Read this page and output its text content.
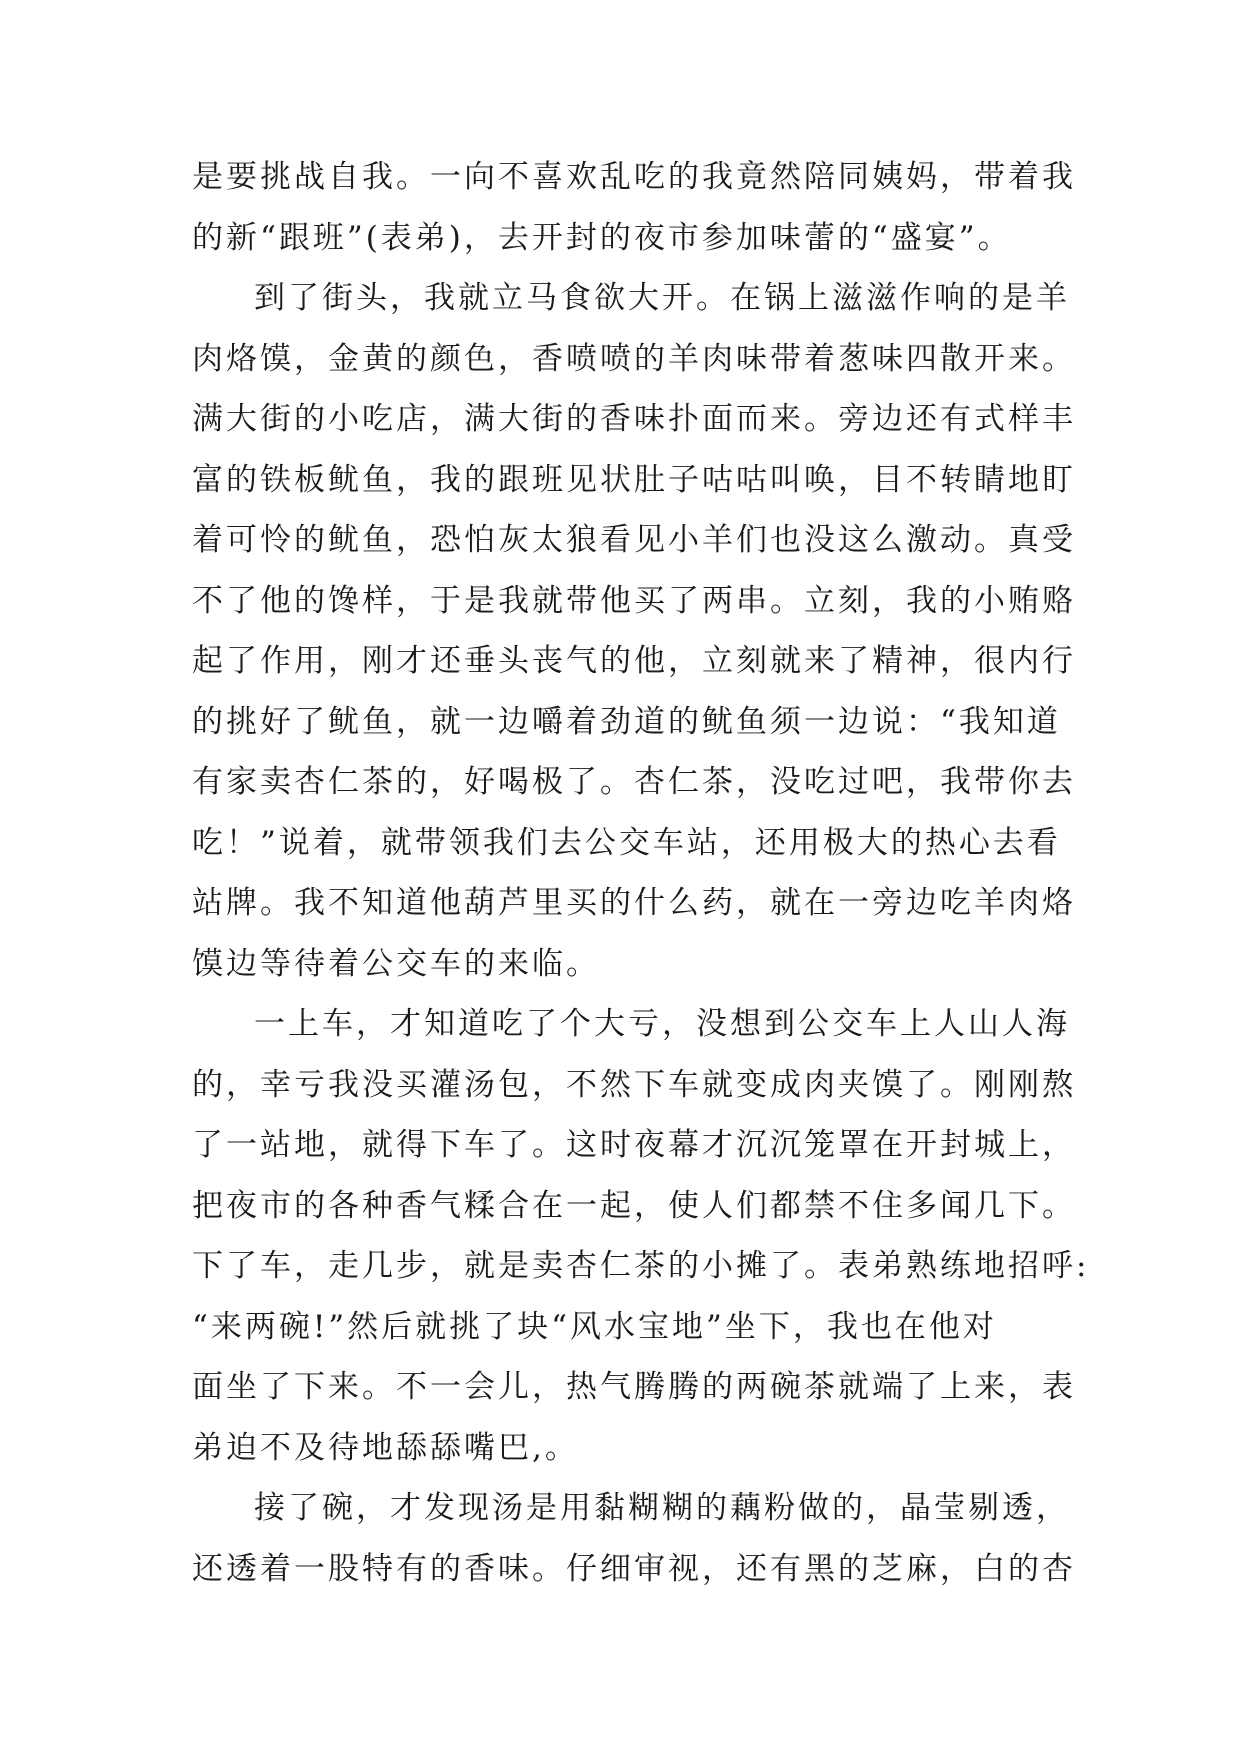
是要挑战自我。一向不喜欢乱吃的我竟然陪同姨妈，带着我
的新“跟班”(表弟)，去开封的夜市参加味蕾的“盛宴”。
到了街头，我就立马食欲大开。在锅上滋滋作响的是羊
肉烙馍，金黄的颜色，香喷喷的羊肉味带着葱味四散开来。
满大街的小吃店，满大街的香味扑面而来。旁边还有式样丰
富的铁板鱿鱼，我的跟班见状肚子咕咕叫唤，目不转睛地盯
着可怜的鱿鱼，恐怕灰太狼看见小羊们也没这么激动。真受
不了他的馋样，于是我就带他买了两串。立刻，我的小贿赂
起了作用，刚才还垂头丧气的他，立刻就来了精神，很内行
的挑好了鱿鱼，就一边嚼着劲道的鱿鱼须一边说：“我知道
有家卖杏仁茶的，好喝极了。杏仁茶，没吃过吧，我带你去
吃！”说着，就带领我们去公交车站，还用极大的热心去看
站牌。我不知道他葫芦里买的什么药，就在一旁边吃羊肉烙
馍边等待着公交车的来临。
一上车，才知道吃了个大亏，没想到公交车上人山人海
的，幸亏我没买灌汤包，不然下车就变成肉夹馍了。刚刚熬
了一站地，就得下车了。这时夜幕才沉沉笼罩在开封城上，
把夜市的各种香气糅合在一起，使人们都禁不住多闻几下。
下了车，走几步，就是卖杏仁茶的小摊了。表弟熟练地招呼:
“来两碗!”然后就挑了块“风水宝地”坐下，我也在他对
面坐了下来。不一会儿，热气腾腾的两碗茶就端了上来，表
弟迫不及待地舔舔嘴巴,。
接了碗，才发现汤是用黏糊糊的藕粉做的，晶莹剔透，
还透着一股特有的香味。仔细审视，还有黑的芝麻，白的杏
